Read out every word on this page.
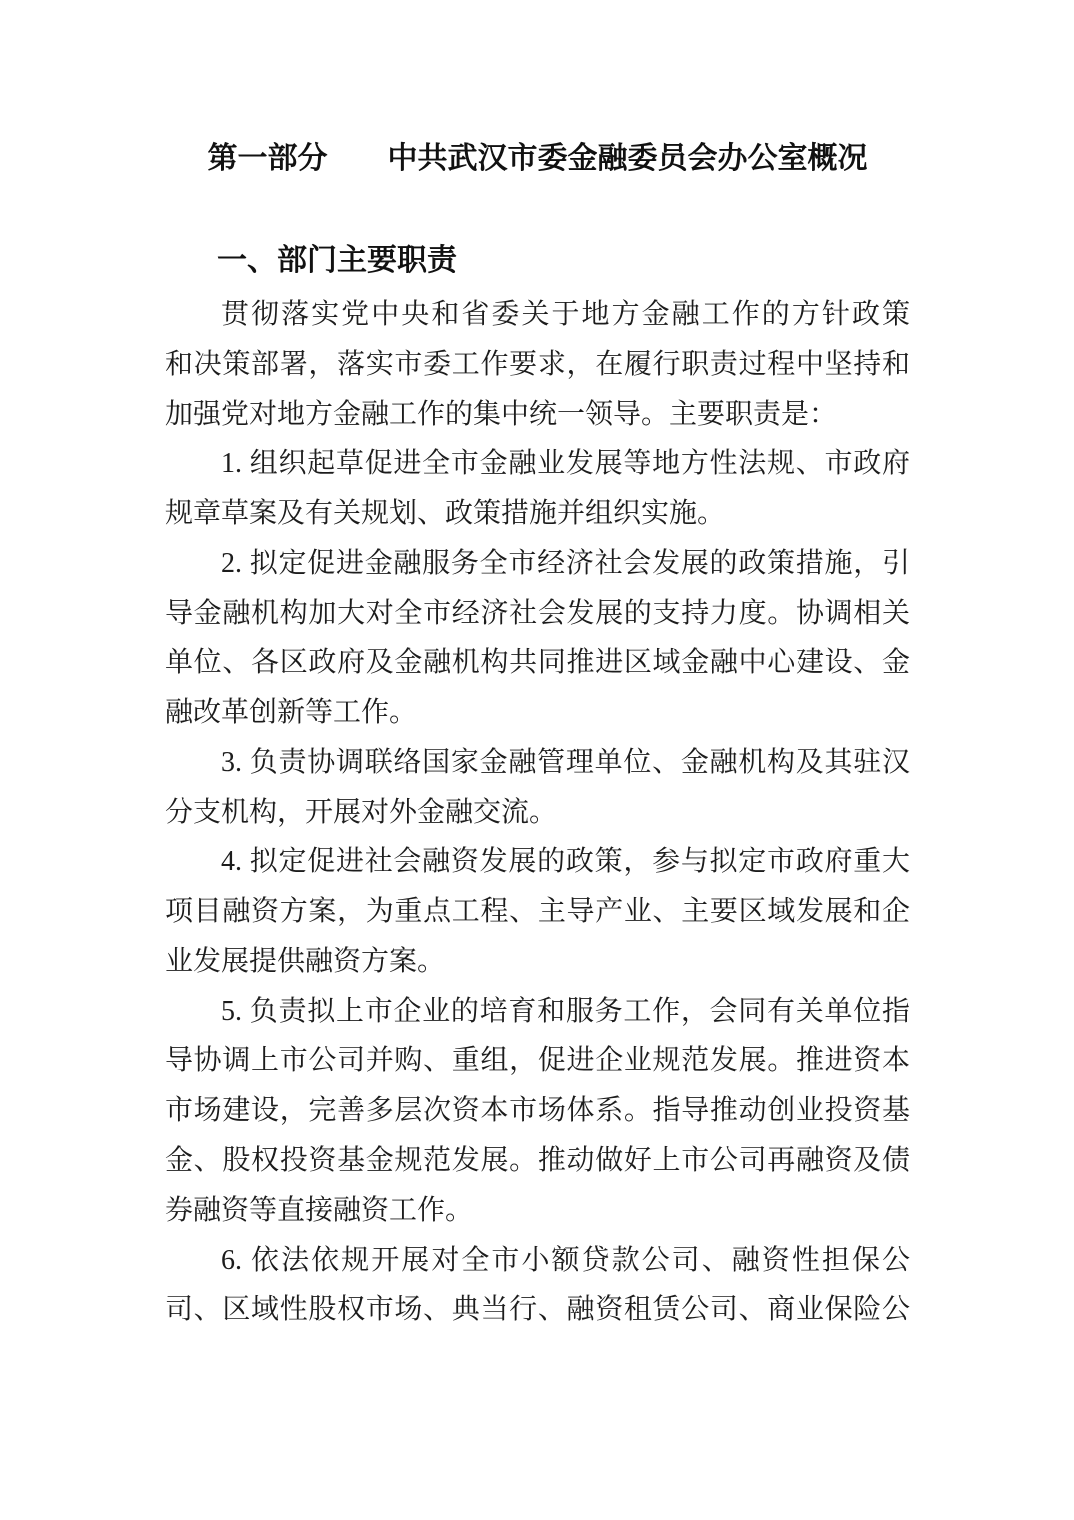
第一部分　　中共武汉市委金融委员会办公室概况
一、部门主要职责
贯彻落实党中央和省委关于地方金融工作的方针政策
和决策部署，落实市委工作要求，在履行职责过程中坚持和
加强党对地方金融工作的集中统一领导。主要职责是：
1. 组织起草促进全市金融业发展等地方性法规、市政府
规章草案及有关规划、政策措施并组织实施。
2. 拟定促进金融服务全市经济社会发展的政策措施，引
导金融机构加大对全市经济社会发展的支持力度。协调相关
单位、各区政府及金融机构共同推进区域金融中心建设、金
融改革创新等工作。
3. 负责协调联络国家金融管理单位、金融机构及其驻汉
分支机构，开展对外金融交流。
4. 拟定促进社会融资发展的政策，参与拟定市政府重大
项目融资方案，为重点工程、主导产业、主要区域发展和企
业发展提供融资方案。
5. 负责拟上市企业的培育和服务工作，会同有关单位指
导协调上市公司并购、重组，促进企业规范发展。推进资本
市场建设，完善多层次资本市场体系。指导推动创业投资基
金、股权投资基金规范发展。推动做好上市公司再融资及债
券融资等直接融资工作。
6. 依法依规开展对全市小额贷款公司、融资性担保公
司、区域性股权市场、典当行、融资租赁公司、商业保险公
